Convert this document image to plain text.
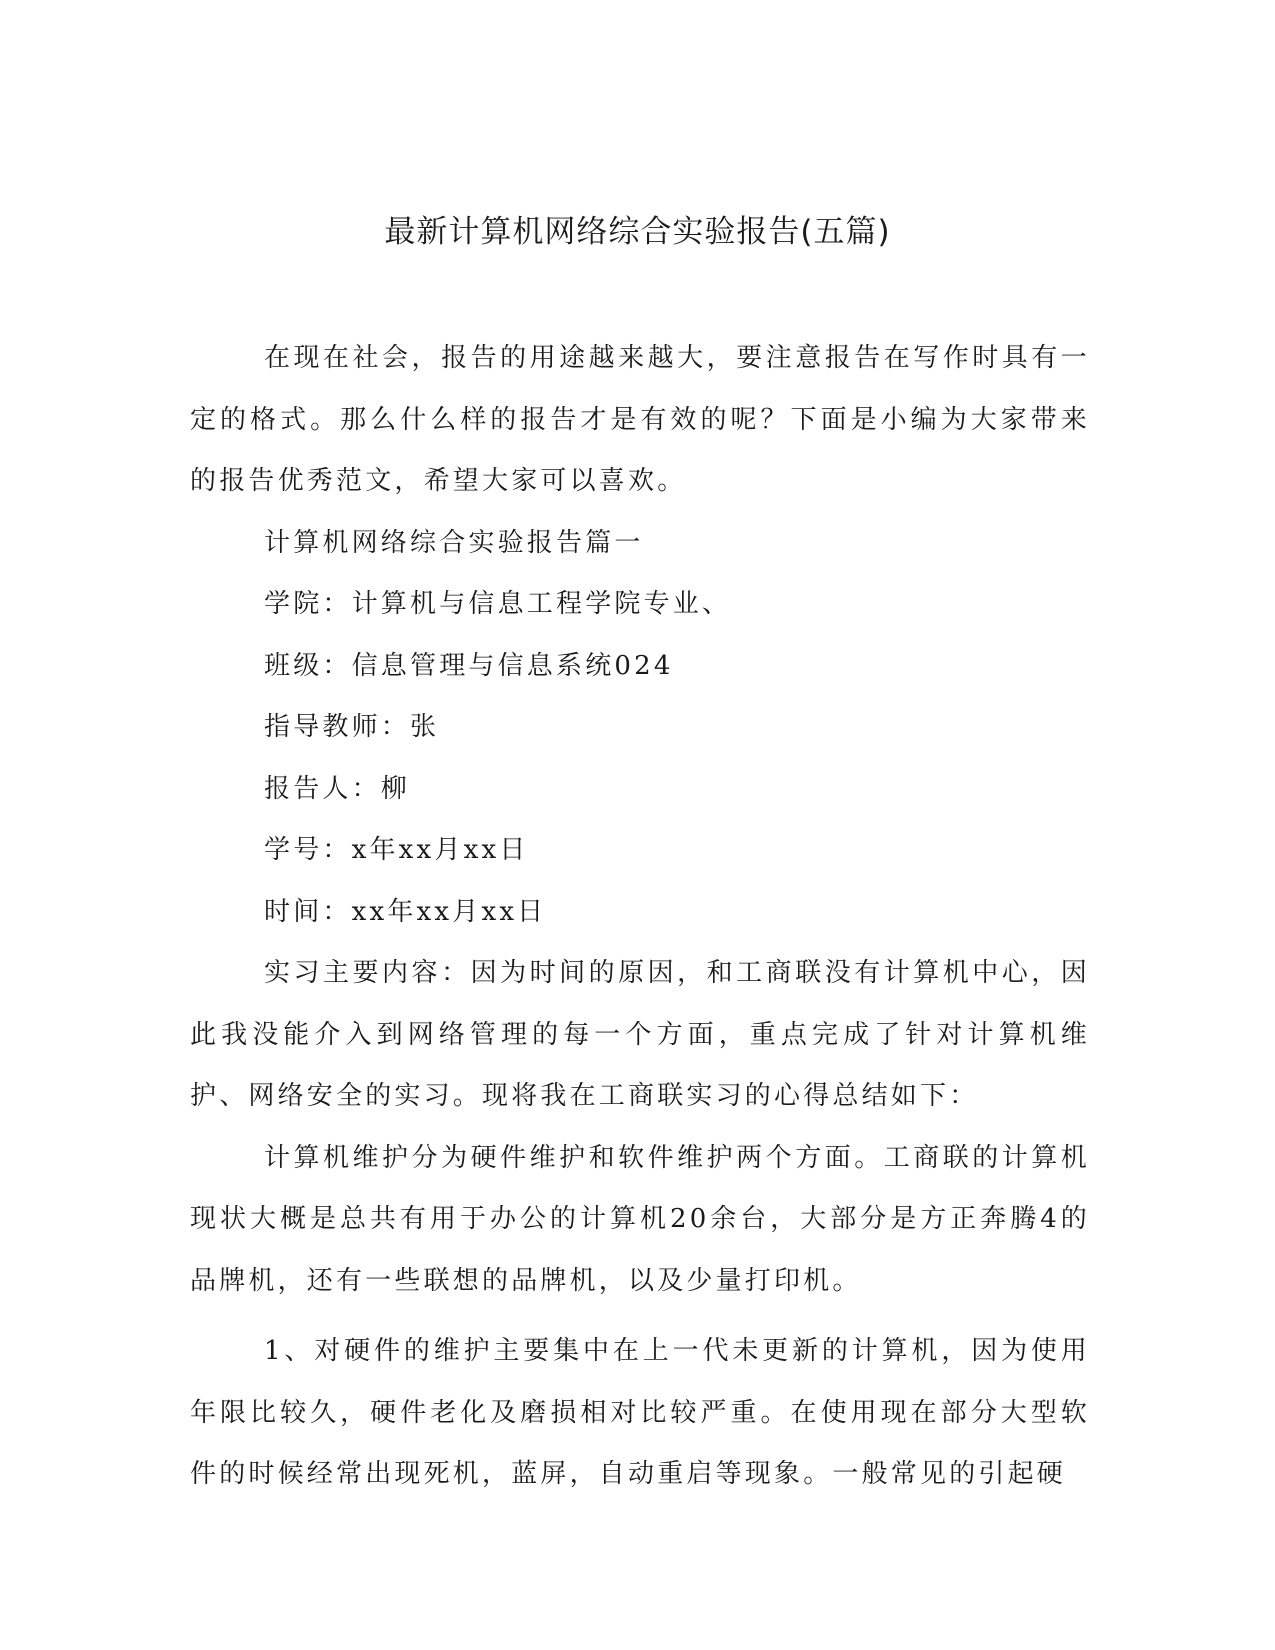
最新计算机网络综合实验报告(五篇)

在现在社会，报告的用途越来越大，要注意报告在写作时具有一定的格式。那么什么样的报告才是有效的呢？下面是小编为大家带来的报告优秀范文，希望大家可以喜欢。

计算机网络综合实验报告篇一

学院：计算机与信息工程学院专业、

班级：信息管理与信息系统024

指导教师：张

报告人：柳

学号：x年xx月xx日

时间：xx年xx月xx日

实习主要内容：因为时间的原因，和工商联没有计算机中心，因此我没能介入到网络管理的每一个方面，重点完成了针对计算机维护、网络安全的实习。现将我在工商联实习的心得总结如下：

计算机维护分为硬件维护和软件维护两个方面。工商联的计算机现状大概是总共有用于办公的计算机20余台，大部分是方正奔腾4的品牌机，还有一些联想的品牌机，以及少量打印机。

1、对硬件的维护主要集中在上一代未更新的计算机，因为使用年限比较久，硬件老化及磨损相对比较严重。在使用现在部分大型软件的时候经常出现死机，蓝屏，自动重启等现象。一般常见的引起硬
